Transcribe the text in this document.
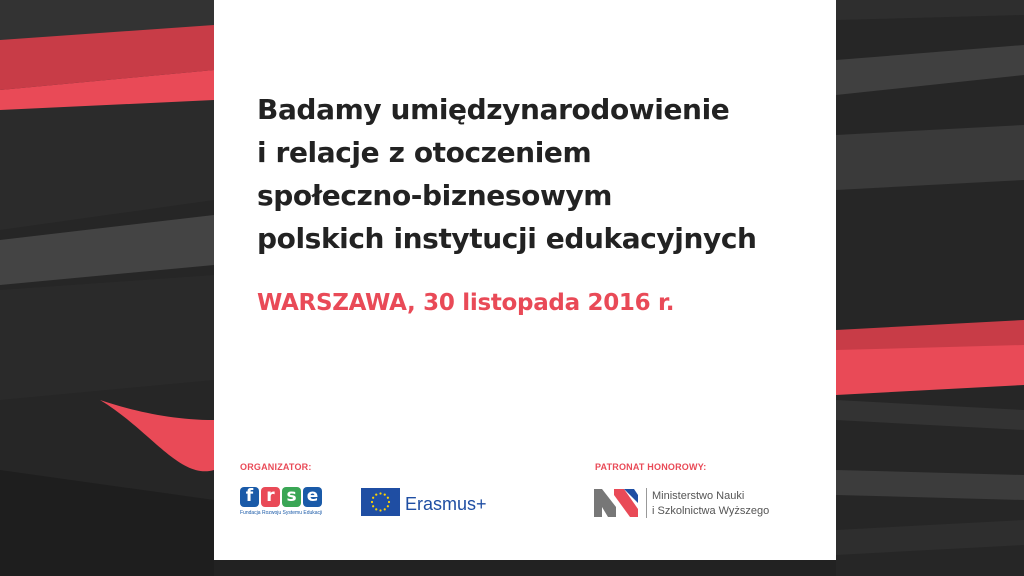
Badamy umiędzynarodowienie
i relacje z otoczeniem
społeczno-biznesowym
polskich instytucji edukacyjnych
WARSZAWA, 30 listopada 2016 r.
ORGANIZATOR:
f r s e
Fundacja Rozwoju Systemu Edukacji	Erasmus+
PATRONAT HONOROWY:
Ministerstwo Nauki
i Szkolnictwa Wyższego
